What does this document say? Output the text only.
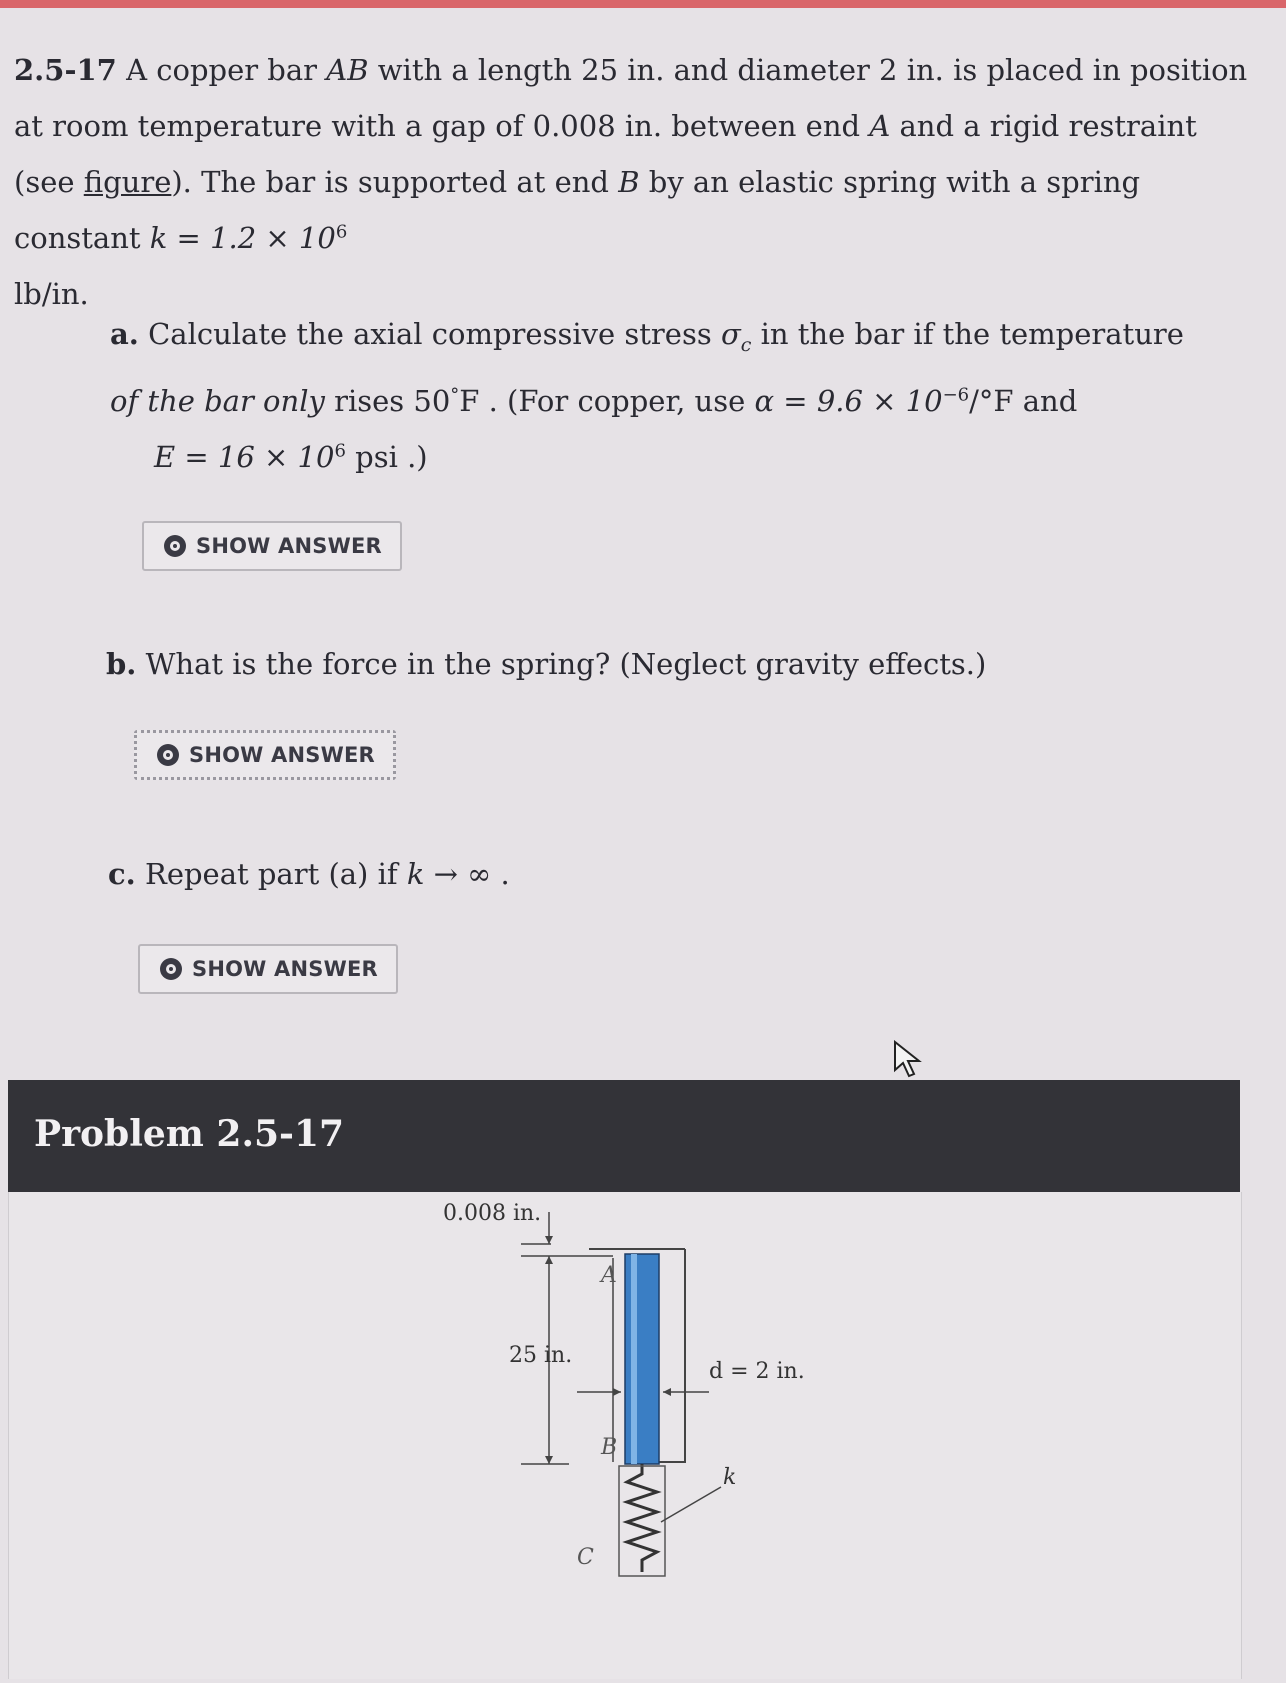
2.5-17 A copper bar AB with a length 25 in. and diameter 2 in. is placed in position at room temperature with a gap of 0.008 in. between end A and a rigid restraint (see figure). The bar is supported at end B by an elastic spring with a spring constant $k = 1.2 \times 10^6$
lb/in.
a. Calculate the axial compressive stress $\sigma_c$ in the bar if the temperature of the bar only rises 50°F . (For copper, use $\alpha = 9.6 \times 10^{-6}/^\circ F$ and
$E = 16 \times 10^6$ psi .)
SHOW ANSWER
b. What is the force in the spring? (Neglect gravity effects.)
SHOW ANSWER
c. Repeat part (a) if k → ∞ .
SHOW ANSWER
Problem 2.5-17
0.008 in.
25 in.
A
B
C
d = 2 in.
k
